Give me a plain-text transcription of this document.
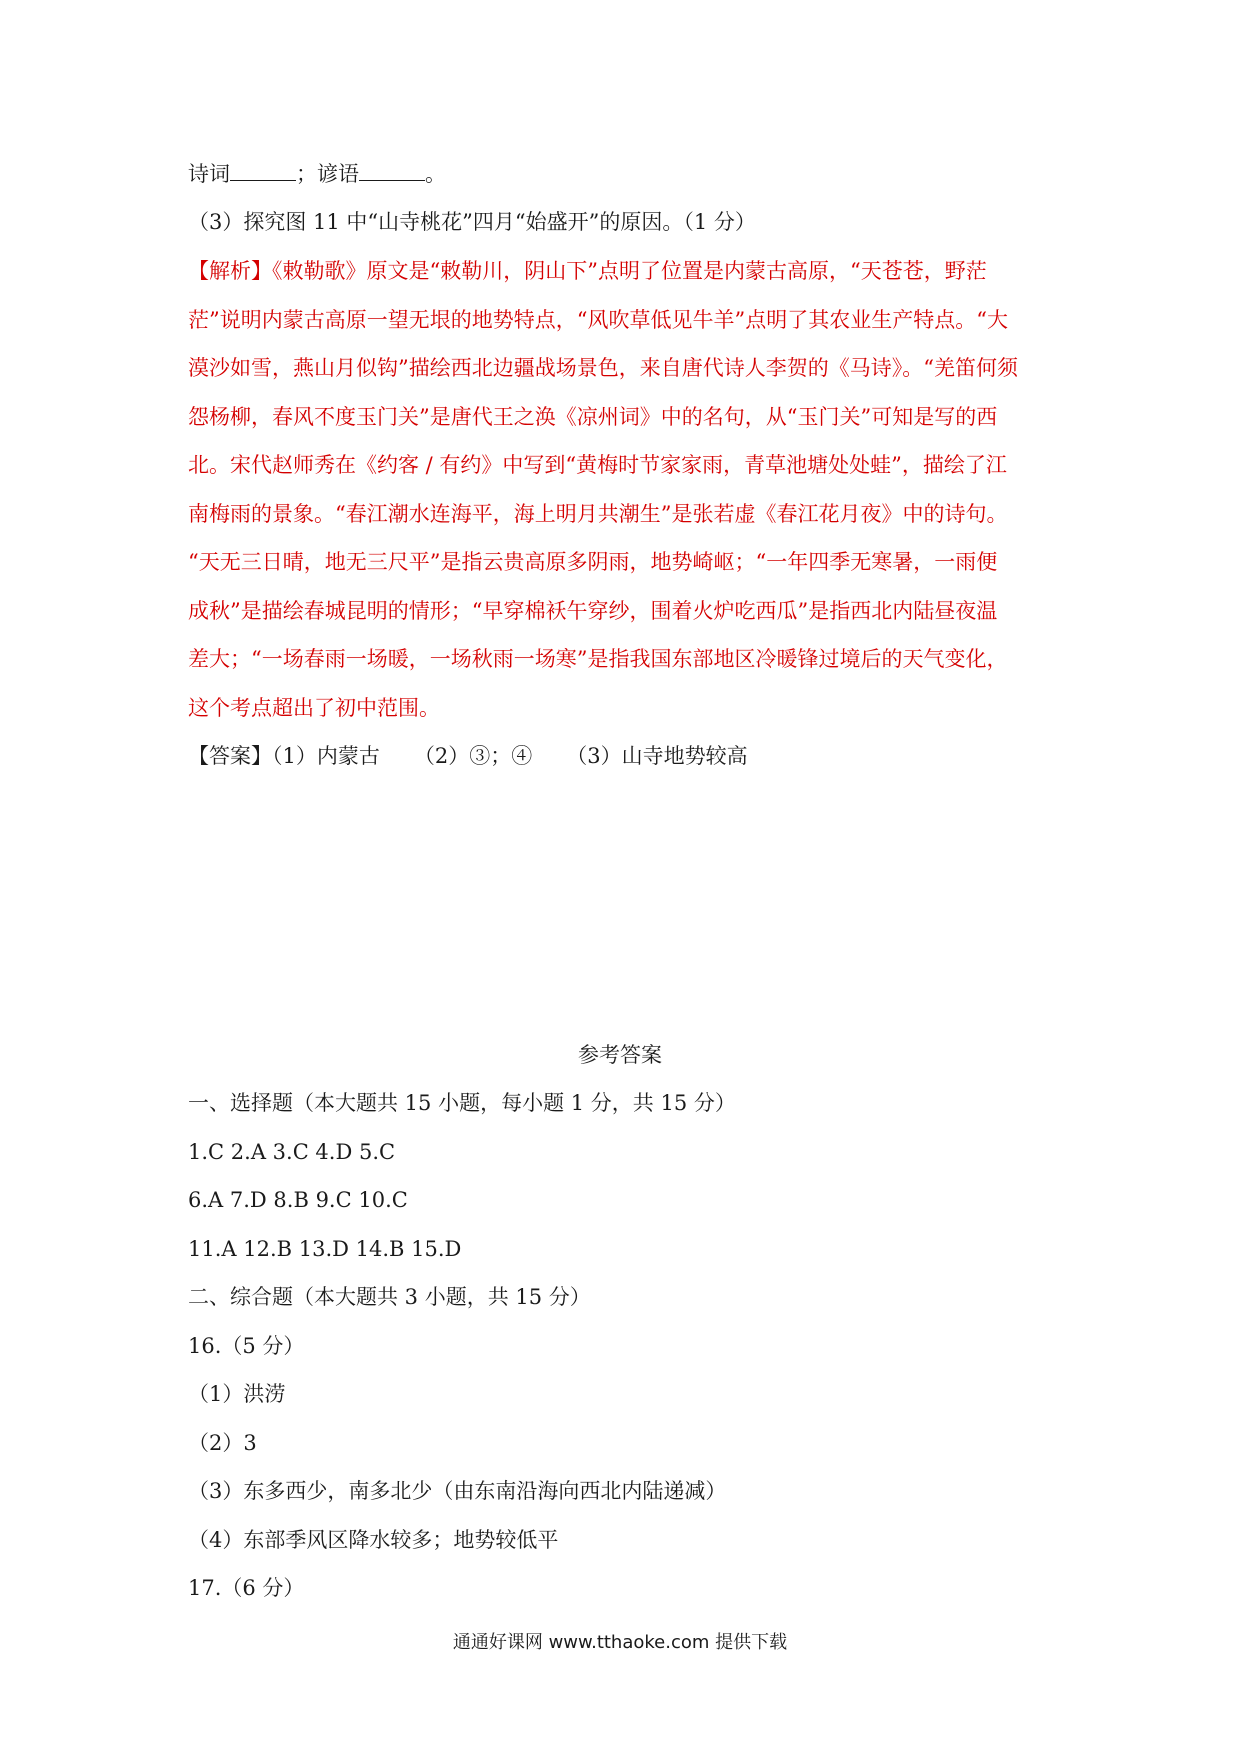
诗词	；谚语	。
（3）探究图 11 中“山寺桃花”四月“始盛开”的原因。（1 分）
【解析】《敕勒歌》原文是“敕勒川，阴山下”点明了位置是内蒙古高原，“天苍苍，野茫
茫”说明内蒙古高原一望无垠的地势特点，“风吹草低见牛羊”点明了其农业生产特点。“大
漠沙如雪，燕山月似钩”描绘西北边疆战场景色，来自唐代诗人李贺的《马诗》。“羌笛何须
怨杨柳，春风不度玉门关”是唐代王之涣《凉州词》中的名句，从“玉门关”可知是写的西
北。宋代赵师秀在《约客 / 有约》中写到“黄梅时节家家雨，青草池塘处处蛙”，描绘了江
南梅雨的景象。“春江潮水连海平，海上明月共潮生”是张若虚《春江花月夜》中的诗句。
“天无三日晴，地无三尺平”是指云贵高原多阴雨，地势崎岖；“一年四季无寒暑，一雨便
成秋”是描绘春城昆明的情形；“早穿棉袄午穿纱，围着火炉吃西瓜”是指西北内陆昼夜温
差大；“一场春雨一场暖，一场秋雨一场寒”是指我国东部地区冷暖锋过境后的天气变化，
这个考点超出了初中范围。
【答案】（1）内蒙古 （2）③；④ （3）山寺地势较高
参考答案
一、选择题（本大题共 15 小题，每小题 1 分，共 15 分）
1.C 2.A 3.C 4.D 5.C
6.A 7.D 8.B 9.C 10.C
11.A 12.B 13.D 14.B 15.D
二、综合题（本大题共 3 小题，共 15 分）
16.（5 分）
（1）洪涝
（2）3
（3）东多西少，南多北少（由东南沿海向西北内陆递减）
（4）东部季风区降水较多；地势较低平
17.（6 分）
通通好课网 www.tthaoke.com 提供下载
